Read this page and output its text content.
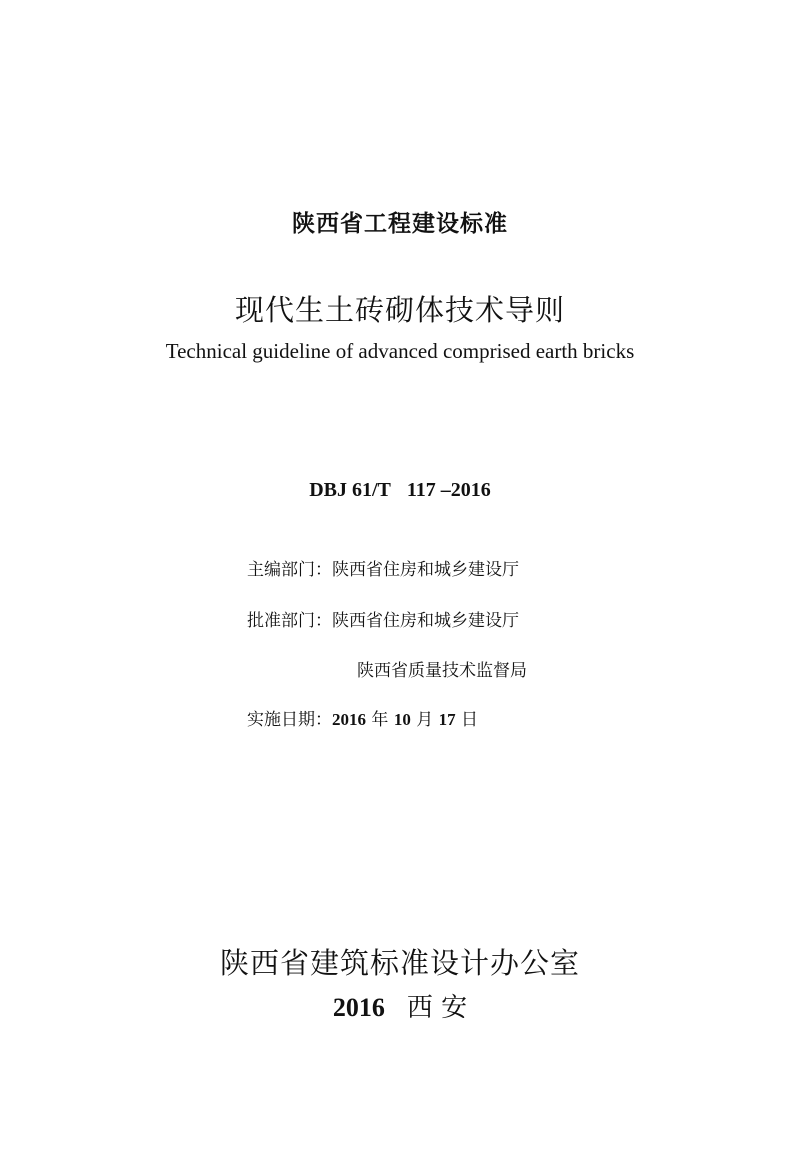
陕西省工程建设标准
现代生土砖砌体技术导则
Technical guideline of advanced comprised earth bricks
DBJ 61/T 117 –2016
主编部门：陕西省住房和城乡建设厅
批准部门：陕西省住房和城乡建设厅
陕西省质量技术监督局
实施日期：2016 年 10 月 17 日
陕西省建筑标准设计办公室
2016 西 安
